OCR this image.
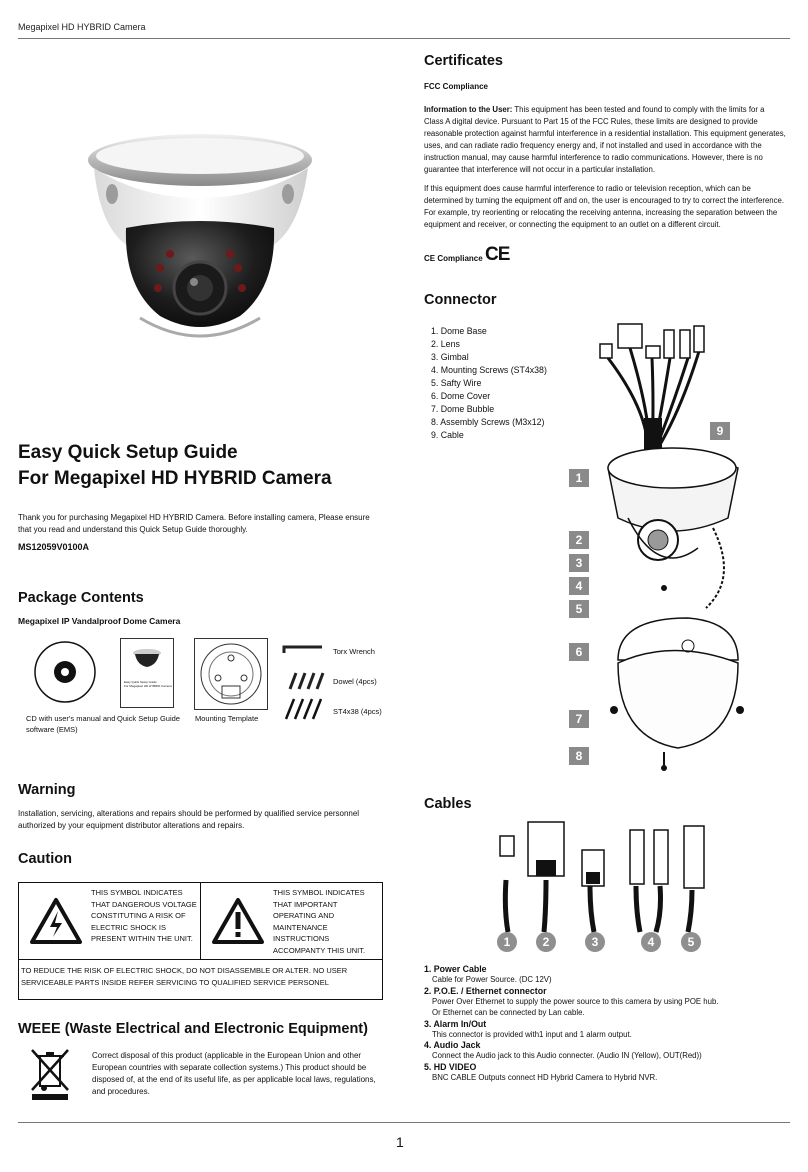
Megapixel HD HYBRID Camera
Easy Quick Setup Guide
For Megapixel HD HYBRID Camera
Thank you for purchasing Megapixel HD HYBRID Camera. Before installing camera, Please ensure that you read and understand this Quick Setup Guide thoroughly.
MS12059V0100A
Package Contents
Megapixel IP Vandalproof Dome Camera
CD with user's manual and software (EMS)
Easy Quick Setup Guide
For Megapixel HD HYBRID Camera
Quick Setup Guide Mounting Template
Torx Wrench
Dowel (4pcs)
ST4x38 (4pcs)
Warning
Installation, servicing, alterations and repairs should be performed by qualified service personnel authorized by your equipment distributor alterations and repairs.
Caution
THIS SYMBOL INDICATES THAT DANGEROUS VOLTAGE CONSTITUTING A RISK OF ELECTRIC SHOCK IS PRESENT WITHIN THE UNIT.
THIS SYMBOL INDICATES THAT IMPORTANT OPERATING AND MAINTENANCE INSTRUCTIONS ACCOMPANTY THIS UNIT.
TO REDUCE THE RISK OF ELECTRIC SHOCK, DO NOT DISASSEMBLE OR ALTER. NO USER SERVICEABLE PARTS INSIDE REFER SERVICING TO QUALIFIED SERVICE PERSONEL
WEEE (Waste Electrical and Electronic Equipment)
Correct disposal of this product (applicable in the European Union and other European countries with separate collection systems.) This product should be disposed of, at the end of its useful life, as per applicable local laws, regulations, and procedures.
Certificates
FCC Compliance
Information to the User: This equipment has been tested and found to comply with the limits for a Class A digital device. Pursuant to Part 15 of the FCC Rules, these limits are designed to provide reasonable protection against harmful interference in a residential installation. This equipment generates, uses, and can radiate radio frequency energy and, if not installed and used in accordance with the instruction manual, may cause harmful interference to radio communications. However, there is no guarantee that interference will not occur in a particular installation.
If this equipment does cause harmful interference to radio or television reception, which can be determined by turning the equipment off and on, the user is encouraged to try to correct the interference. For example, try reorienting or relocating the receiving antenna, increasing the separation between the equipment and receiver, or connecting the equipment to an outlet on a different circuit.
CE Compliance CE
Connector
1. Dome Base
2. Lens
3. Gimbal
4. Mounting Screws (ST4x38)
5. Safty Wire
6. Dome Cover
7. Dome Bubble
8. Assembly Screws (M3x12)
9. Cable	9
1
2
3
4
5
6
7
8
Cables
1	2	3	4	5
1. Power Cable
Cable for Power Source. (DC 12V)
2. P.O.E. / Ethernet connector
Power Over Ethernet to supply the power source to this camera by using POE hub.
Or Ethernet can be connected by Lan cable.
3. Alarm In/Out
This connector is provided with1 input and 1 alarm output.
4. Audio Jack
Connect the Audio jack to this Audio connecter. (Audio IN (Yellow), OUT(Red))
5. HD VIDEO
BNC CABLE Outputs connect HD Hybrid Camera to Hybrid NVR.
1
